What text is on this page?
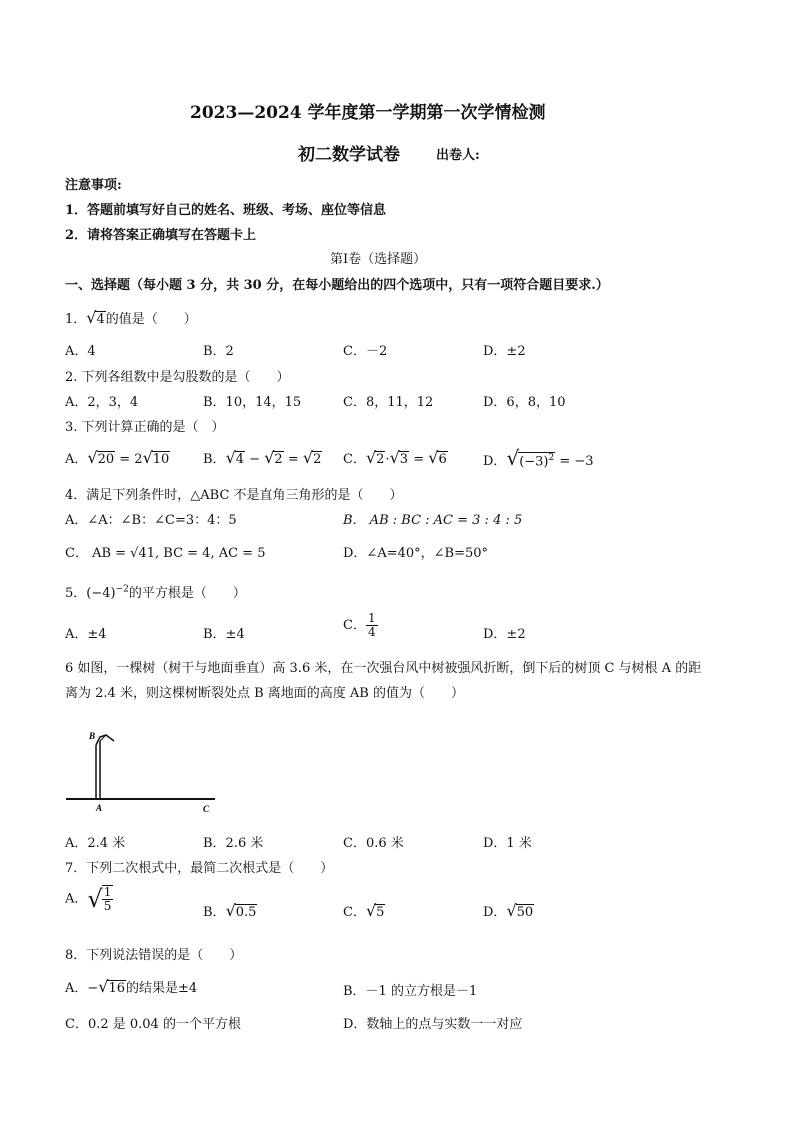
2023—2024 学年度第一学期第一次学情检测
初二数学试卷	出卷人:
注意事项:
1．答题前填写好自己的姓名、班级、考场、座位等信息
2．请将答案正确填写在答题卡上
第Ⅰ卷（选择题）
一、选择题（每小题 3 分，共 30 分，在每小题给出的四个选项中，只有一项符合题目要求.）
1．√4的值是（　　）
A．4	B．2	C．－2	D．±2
2. 下列各组数中是勾股数的是（　　）
A．2，3，4	B．10，14，15	C．8，11，12	D．6，8，10
3. 下列计算正确的是（　）
A．√20 = 2√10	B．√4 − √2 = √2 C．√2·√3 = √6	D．$√(-3)^2 = -3$
4．满足下列条件时，△ABC 不是直角三角形的是（　　）
A．∠A：∠B：∠C=3：4：5	B． AB : BC : AC = 3 : 4 : 5
C． AB = √41, BC = 4, AC = 5	D．∠A=40°，∠B=50°
5．$(-4)^{-2}$的平方根是（　　）
A．±4	B．±4
C． $\frac{1}{4}$	D．±2
6 如图，一棵树（树干与地面垂直）高 3.6 米，在一次强台风中树被强风折断，倒下后的树顶 C 与树根 A 的距
离为 2.4 米，则这棵树断裂处点 B 离地面的高度 AB 的值为（　　）
B
A	C
A．2.4 米	B．2.6 米	C．0.6 米	D．1 米
7．下列二次根式中，最简二次根式是（　　）
A．√ $\frac{1}{5}$	B．√0.5	C．√5	D．√50
8．下列说法错误的是（　　）
A．−√16的结果是±4	B．－1 的立方根是－1
C．0.2 是 0.04 的一个平方根	D．数轴上的点与实数一一对应
